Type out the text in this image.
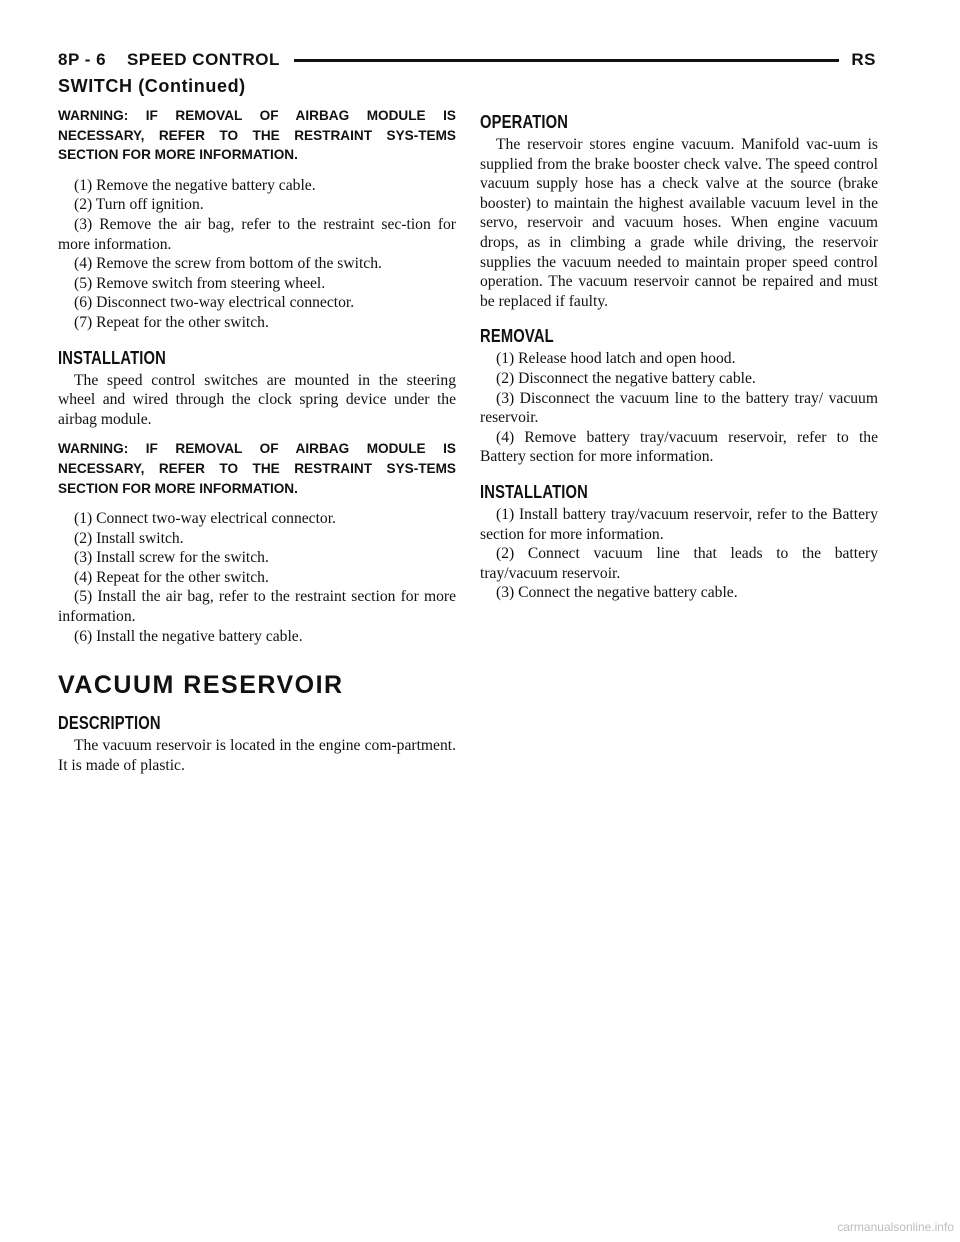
8P - 6    SPEED CONTROL	RS
SWITCH (Continued)
WARNING: IF REMOVAL OF AIRBAG MODULE IS NECESSARY, REFER TO THE RESTRAINT SYS-TEMS SECTION FOR MORE INFORMATION.

(1) Remove the negative battery cable.

(2) Turn off ignition.

(3) Remove the air bag, refer to the restraint sec-tion for more information.

(4) Remove the screw from bottom of the switch.

(5) Remove switch from steering wheel.

(6) Disconnect two-way electrical connector.

(7) Repeat for the other switch.

INSTALLATION

The speed control switches are mounted in the steering wheel and wired through the clock spring device under the airbag module.

WARNING: IF REMOVAL OF AIRBAG MODULE IS NECESSARY, REFER TO THE RESTRAINT SYS-TEMS SECTION FOR MORE INFORMATION.

(1) Connect two-way electrical connector.

(2) Install switch.

(3) Install screw for the switch.

(4) Repeat for the other switch.

(5) Install the air bag, refer to the restraint section for more information.

(6) Install the negative battery cable.

VACUUM RESERVOIR
DESCRIPTION

The vacuum reservoir is located in the engine com-partment. It is made of plastic.

OPERATION

The reservoir stores engine vacuum. Manifold vac-uum is supplied from the brake booster check valve. The speed control vacuum supply hose has a check valve at the source (brake booster) to maintain the highest available vacuum level in the servo, reservoir and vacuum hoses. When engine vacuum drops, as in climbing a grade while driving, the reservoir supplies the vacuum needed to maintain proper speed control operation. The vacuum reservoir cannot be repaired and must be replaced if faulty.

REMOVAL

(1) Release hood latch and open hood.

(2) Disconnect the negative battery cable.

(3) Disconnect the vacuum line to the battery tray/ vacuum reservoir.

(4) Remove battery tray/vacuum reservoir, refer to the Battery section for more information.

INSTALLATION

(1) Install battery tray/vacuum reservoir, refer to the Battery section for more information.

(2) Connect vacuum line that leads to the battery tray/vacuum reservoir.

(3) Connect the negative battery cable.

carmanualsonline.info
